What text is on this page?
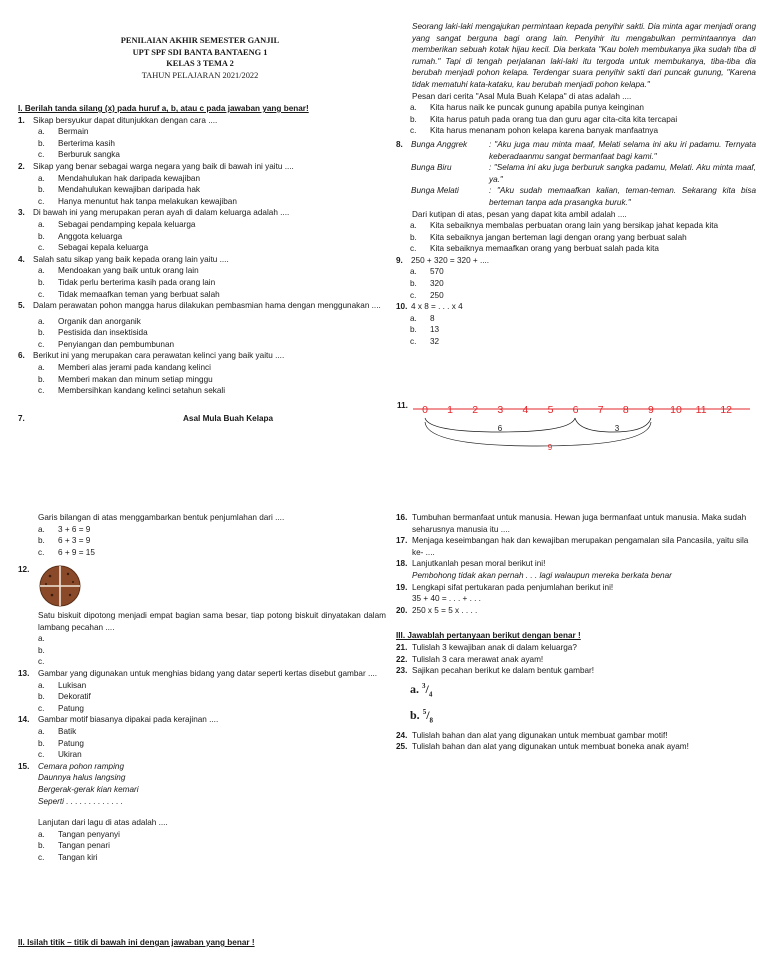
PENILAIAN AKHIR SEMESTER GANJIL
UPT SPF SDI BANTA BANTAENG 1
KELAS 3 TEMA 2
TAHUN PELAJARAN 2021/2022
I. Berilah tanda silang (x) pada huruf a, b, atau c pada jawaban yang benar!
1. Sikap bersyukur dapat ditunjukkan dengan cara ....
a.	Bermain
b.	Berterima kasih
c.	Berburuk sangka
2. Sikap yang benar sebagai warga negara yang baik di bawah ini yaitu ....
a.	Mendahulukan hak daripada kewajiban
b.	Mendahulukan kewajiban daripada hak
c.	Hanya menuntut hak tanpa melakukan kewajiban
3. Di bawah ini yang merupakan peran ayah di dalam keluarga adalah ....
a.	Sebagai pendamping kepala keluarga
b.	Anggota keluarga
c.	Sebagai kepala keluarga
4. Salah satu sikap yang baik kepada orang lain yaitu ....
a.	Mendoakan yang baik untuk orang lain
b.	Tidak perlu berterima kasih pada orang lain
c.	Tidak memaafkan teman yang berbuat salah
5. Dalam perawatan pohon mangga harus dilakukan pembasmian hama dengan menggunakan ....
a.	Organik dan anorganik
b.	Pestisida dan insektisida
c.	Penyiangan dan pembumbunan
6. Berikut ini yang merupakan cara perawatan kelinci yang baik yaitu ....
a.	Memberi alas jerami pada kandang kelinci
b.	Memberi makan dan minum setiap minggu
c.	Membersihkan kandang kelinci setahun sekali
7.	Asal Mula Buah Kelapa
Seorang laki-laki mengajukan permintaan kepada penyihir sakti. Dia minta agar menjadi orang yang sangat berguna bagi orang lain. Penyihir itu mengabulkan permintaannya dan memberikan sebuah kotak hijau kecil. Dia berkata "Kau boleh membukanya jika sudah tiba di rumah." Tapi di tengah perjalanan laki-laki itu tergoda untuk membukanya, tiba-tiba dia berubah menjadi pohon kelapa. Terdengar suara penyihir sakti dari puncak gunung, "Karena tidak mematuhi kata-kataku, kau berubah menjadi pohon kelapa."
Pesan dari cerita "Asal Mula Buah Kelapa" di atas adalah ....
a.	Kita harus naik ke puncak gunung apabila punya keinginan
b.	Kita harus patuh pada orang tua dan guru agar cita-cita kita tercapai
c.	Kita harus menanam pohon kelapa karena banyak manfaatnya
8. Bunga Anggrek	: "Aku juga mau minta maaf, Melati selama ini aku iri padamu. Ternyata keberadaanmu sangat bermanfaat bagi kami."
Bunga Biru	: "Selama ini aku juga berburuk sangka padamu, Melati. Aku minta maaf, ya."
Bunga Melati	: "Aku sudah memaafkan kalian, teman-teman. Sekarang kita bisa berteman tanpa ada prasangka buruk."
Dari kutipan di atas, pesan yang dapat kita ambil adalah ....
a.	Kita sebaiknya membalas perbuatan orang lain yang bersikap jahat kepada kita
b.	Kita sebaiknya jangan berteman lagi dengan orang yang berbuat salah
c.	Kita sebaiknya memaafkan orang yang berbuat salah pada kita
9. 250 + 320 = 320 + ....
a.	570
b.	320
c.	250
10. 4 x 8 = . . . x 4
a.	8
b.	13
c.	32
11.	0 1 2 3 4 5 6 7 8 9 10 11 12
6	3
9
Garis bilangan di atas menggambarkan bentuk penjumlahan dari ....
a.	3 + 6 = 9
b.	6 + 3 = 9
c.	6 + 9 = 15
12.
Satu biskuit dipotong menjadi empat bagian sama besar, tiap potong biskuit dinyatakan dalam lambang pecahan ....
a.
b.
c.
13.	Gambar yang digunakan untuk menghias bidang yang datar seperti kertas disebut gambar ....
a.	Lukisan
b.	Dekoratif
c.	Patung
14.	Gambar motif biasanya dipakai pada kerajinan ....
a.	Batik
b.	Patung
c.	Ukiran
15.	Cemara pohon ramping
Daunnya halus langsing
Bergerak-gerak kian kemari
Seperti . . . . . . . . . . . . .
Lanjutan dari lagu di atas adalah ....
a.	Tangan penyanyi
b.	Tangan penari
c.	Tangan kiri
II. Isilah titik – titik di bawah ini dengan jawaban yang benar !
16. Tumbuhan bermanfaat untuk manusia. Hewan juga bermanfaat untuk manusia. Maka sudah seharusnya manusia itu ....
17. Menjaga keseimbangan hak dan kewajiban merupakan pengamalan sila Pancasila, yaitu sila ke- ....
18. Lanjutkanlah pesan moral berikut ini!
Pembohong tidak akan pernah . . . lagi walaupun mereka berkata benar
19. Lengkapi sifat pertukaran pada penjumlahan berikut ini!
35 + 40 = . . . + . . .
20. 250 x 5 = 5 x . . . .
III. Jawablah pertanyaan berikut dengan benar !
21. Tulislah 3 kewajiban anak di dalam keluarga?
22. Tulislah 3 cara merawat anak ayam!
23. Sajikan pecahan berikut ke dalam bentuk gambar!
a. $^3/_4$
b. $^5/_8$
24. Tulislah bahan dan alat yang digunakan untuk membuat gambar motif!
25. Tulislah bahan dan alat yang digunakan untuk membuat boneka anak ayam!
